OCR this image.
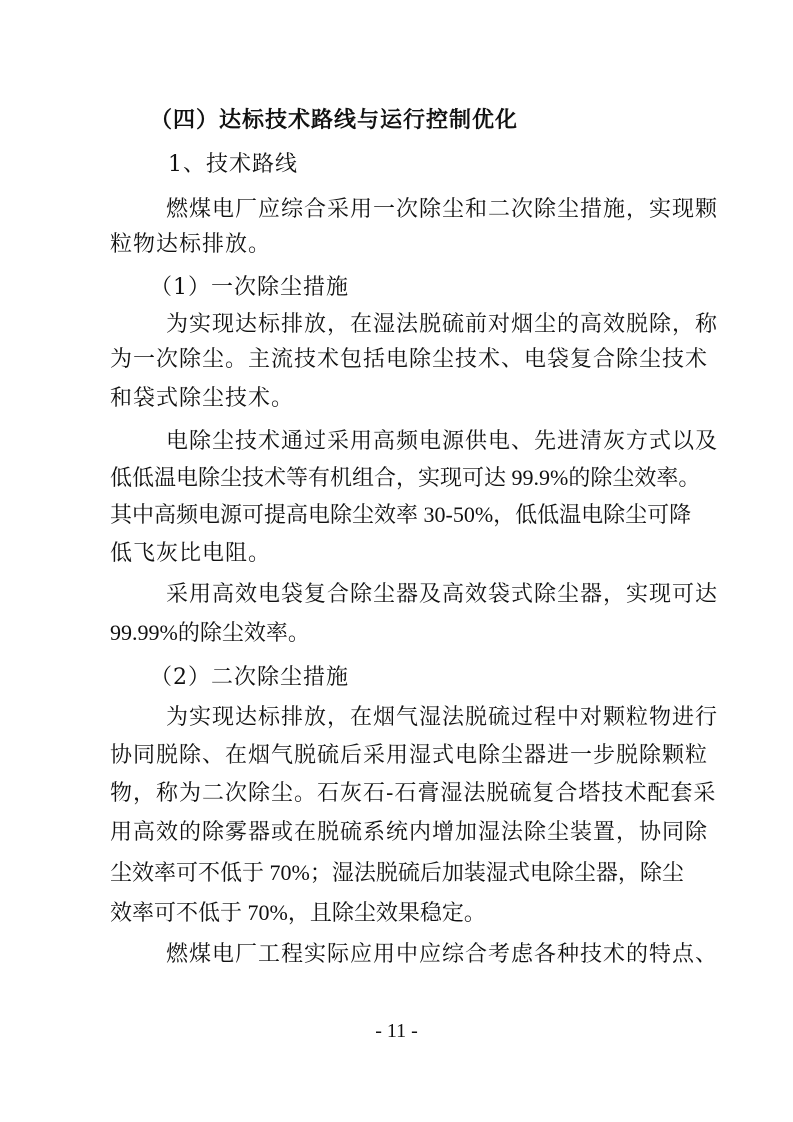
（四）达标技术路线与运行控制优化
1、技术路线
燃煤电厂应综合采用一次除尘和二次除尘措施，实现颗
粒物达标排放。
（1）一次除尘措施
为实现达标排放，在湿法脱硫前对烟尘的高效脱除，称
为一次除尘。主流技术包括电除尘技术、电袋复合除尘技术
和袋式除尘技术。
电除尘技术通过采用高频电源供电、先进清灰方式以及
低低温电除尘技术等有机组合，实现可达 99.9%的除尘效率。
其中高频电源可提高电除尘效率 30-50%，低低温电除尘可降
低飞灰比电阻。
采用高效电袋复合除尘器及高效袋式除尘器，实现可达
99.99%的除尘效率。
（2）二次除尘措施
为实现达标排放，在烟气湿法脱硫过程中对颗粒物进行
协同脱除、在烟气脱硫后采用湿式电除尘器进一步脱除颗粒
物，称为二次除尘。石灰石-石膏湿法脱硫复合塔技术配套采
用高效的除雾器或在脱硫系统内增加湿法除尘装置，协同除
尘效率可不低于 70%；湿法脱硫后加装湿式电除尘器，除尘
效率可不低于 70%，且除尘效果稳定。
燃煤电厂工程实际应用中应综合考虑各种技术的特点、
- 11 -
